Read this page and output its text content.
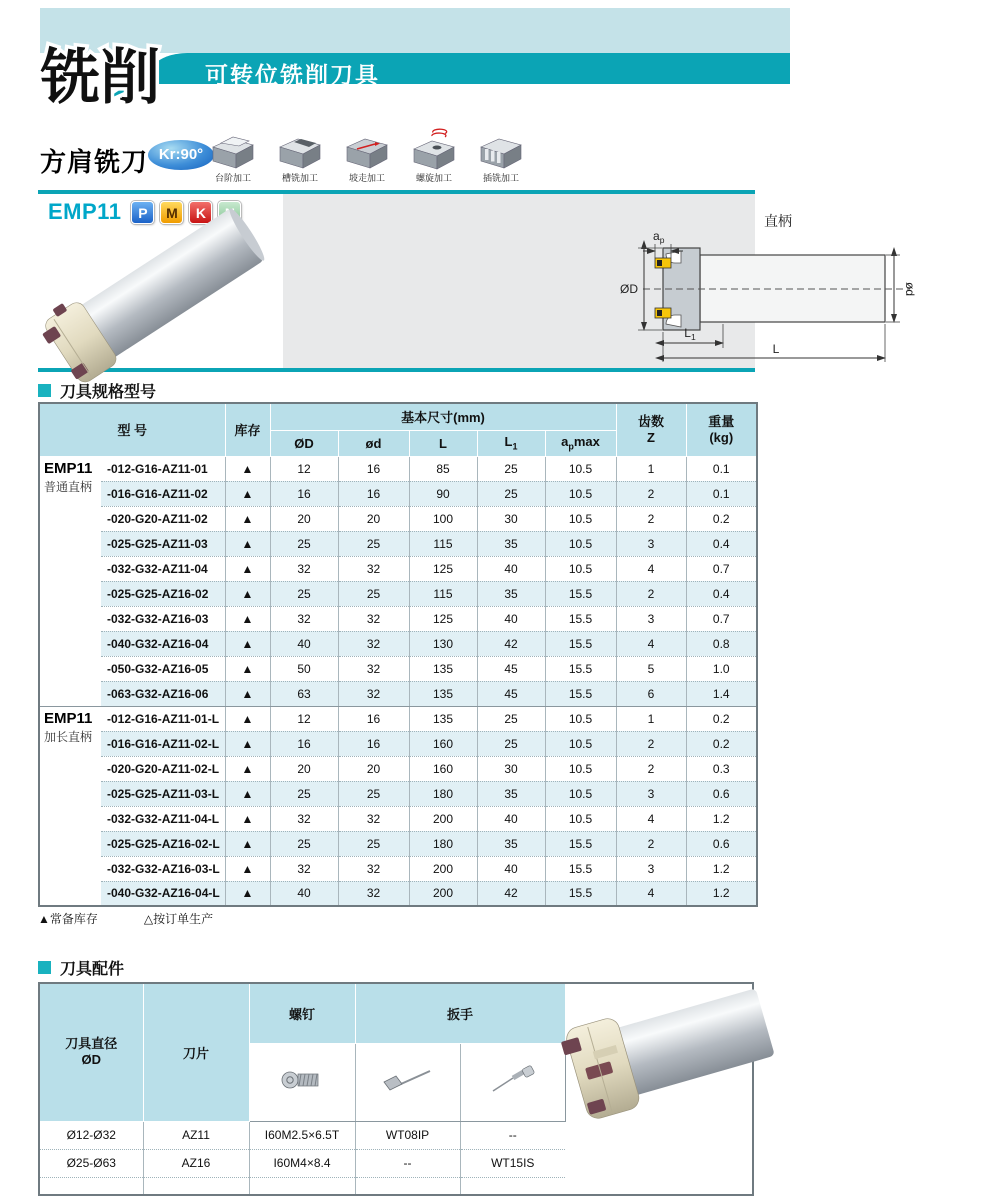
可转位铣削刀具
铣削
方肩铣刀 Kr:90°
台阶加工	槽铣加工	坡走加工	螺旋加工	插铣加工
直柄
$a_p$
ØD	ød
$L_1$
L
EMP11	P	M	K
刀具规格型号
型 号	库存	基本尺寸(mm)	齿数
Z

重量
(kg)

			ØD	ød	L	$L_1$	$a_p\max$		

EMP11
普通直柄	-012-G16-AZ11-01	▲	12	16	85	25	10.5	1	0.1
	-016-G16-AZ11-02	▲	16	16	90	25	10.5	2	0.1
	-020-G20-AZ11-02	▲	20	20	100	30	10.5	2	0.2
	-025-G25-AZ11-03	▲	25	25	115	35	10.5	3	0.4
	-032-G32-AZ11-04	▲	32	32	125	40	10.5	4	0.7
	-025-G25-AZ16-02	▲	25	25	115	35	15.5	2	0.4
	-032-G32-AZ16-03	▲	32	32	125	40	15.5	3	0.7
	-040-G32-AZ16-04	▲	40	32	130	42	15.5	4	0.8
	-050-G32-AZ16-05	▲	50	32	135	45	15.5	5	1.0
	-063-G32-AZ16-06	▲	63	32	135	45	15.5	6	1.4

EMP11
加长直柄	-012-G16-AZ11-01-L	▲	12	16	135	25	10.5	1	0.2
	-016-G16-AZ11-02-L	▲	16	16	160	25	10.5	2	0.2
	-020-G20-AZ11-02-L	▲	20	20	160	30	10.5	2	0.3
	-025-G25-AZ11-03-L	▲	25	25	180	35	10.5	3	0.6
	-032-G32-AZ11-04-L	▲	32	32	200	40	10.5	4	1.2
	-025-G25-AZ16-02-L	▲	25	25	180	35	15.5	2	0.6
	-032-G32-AZ16-03-L	▲	32	32	200	40	15.5	3	1.2
	-040-G32-AZ16-04-L	▲	40	32	200	42	15.5	4	1.2
▲常备库存	△按订单生产
刀具配件
刀具直径
ØD	刀片	螺钉	扳手	

Ø12-Ø32	AZ11	I60M2.5×6.5T	WT08IP	--	
Ø25-Ø63	AZ16	I60M4×8.4	--	WT15IS	
